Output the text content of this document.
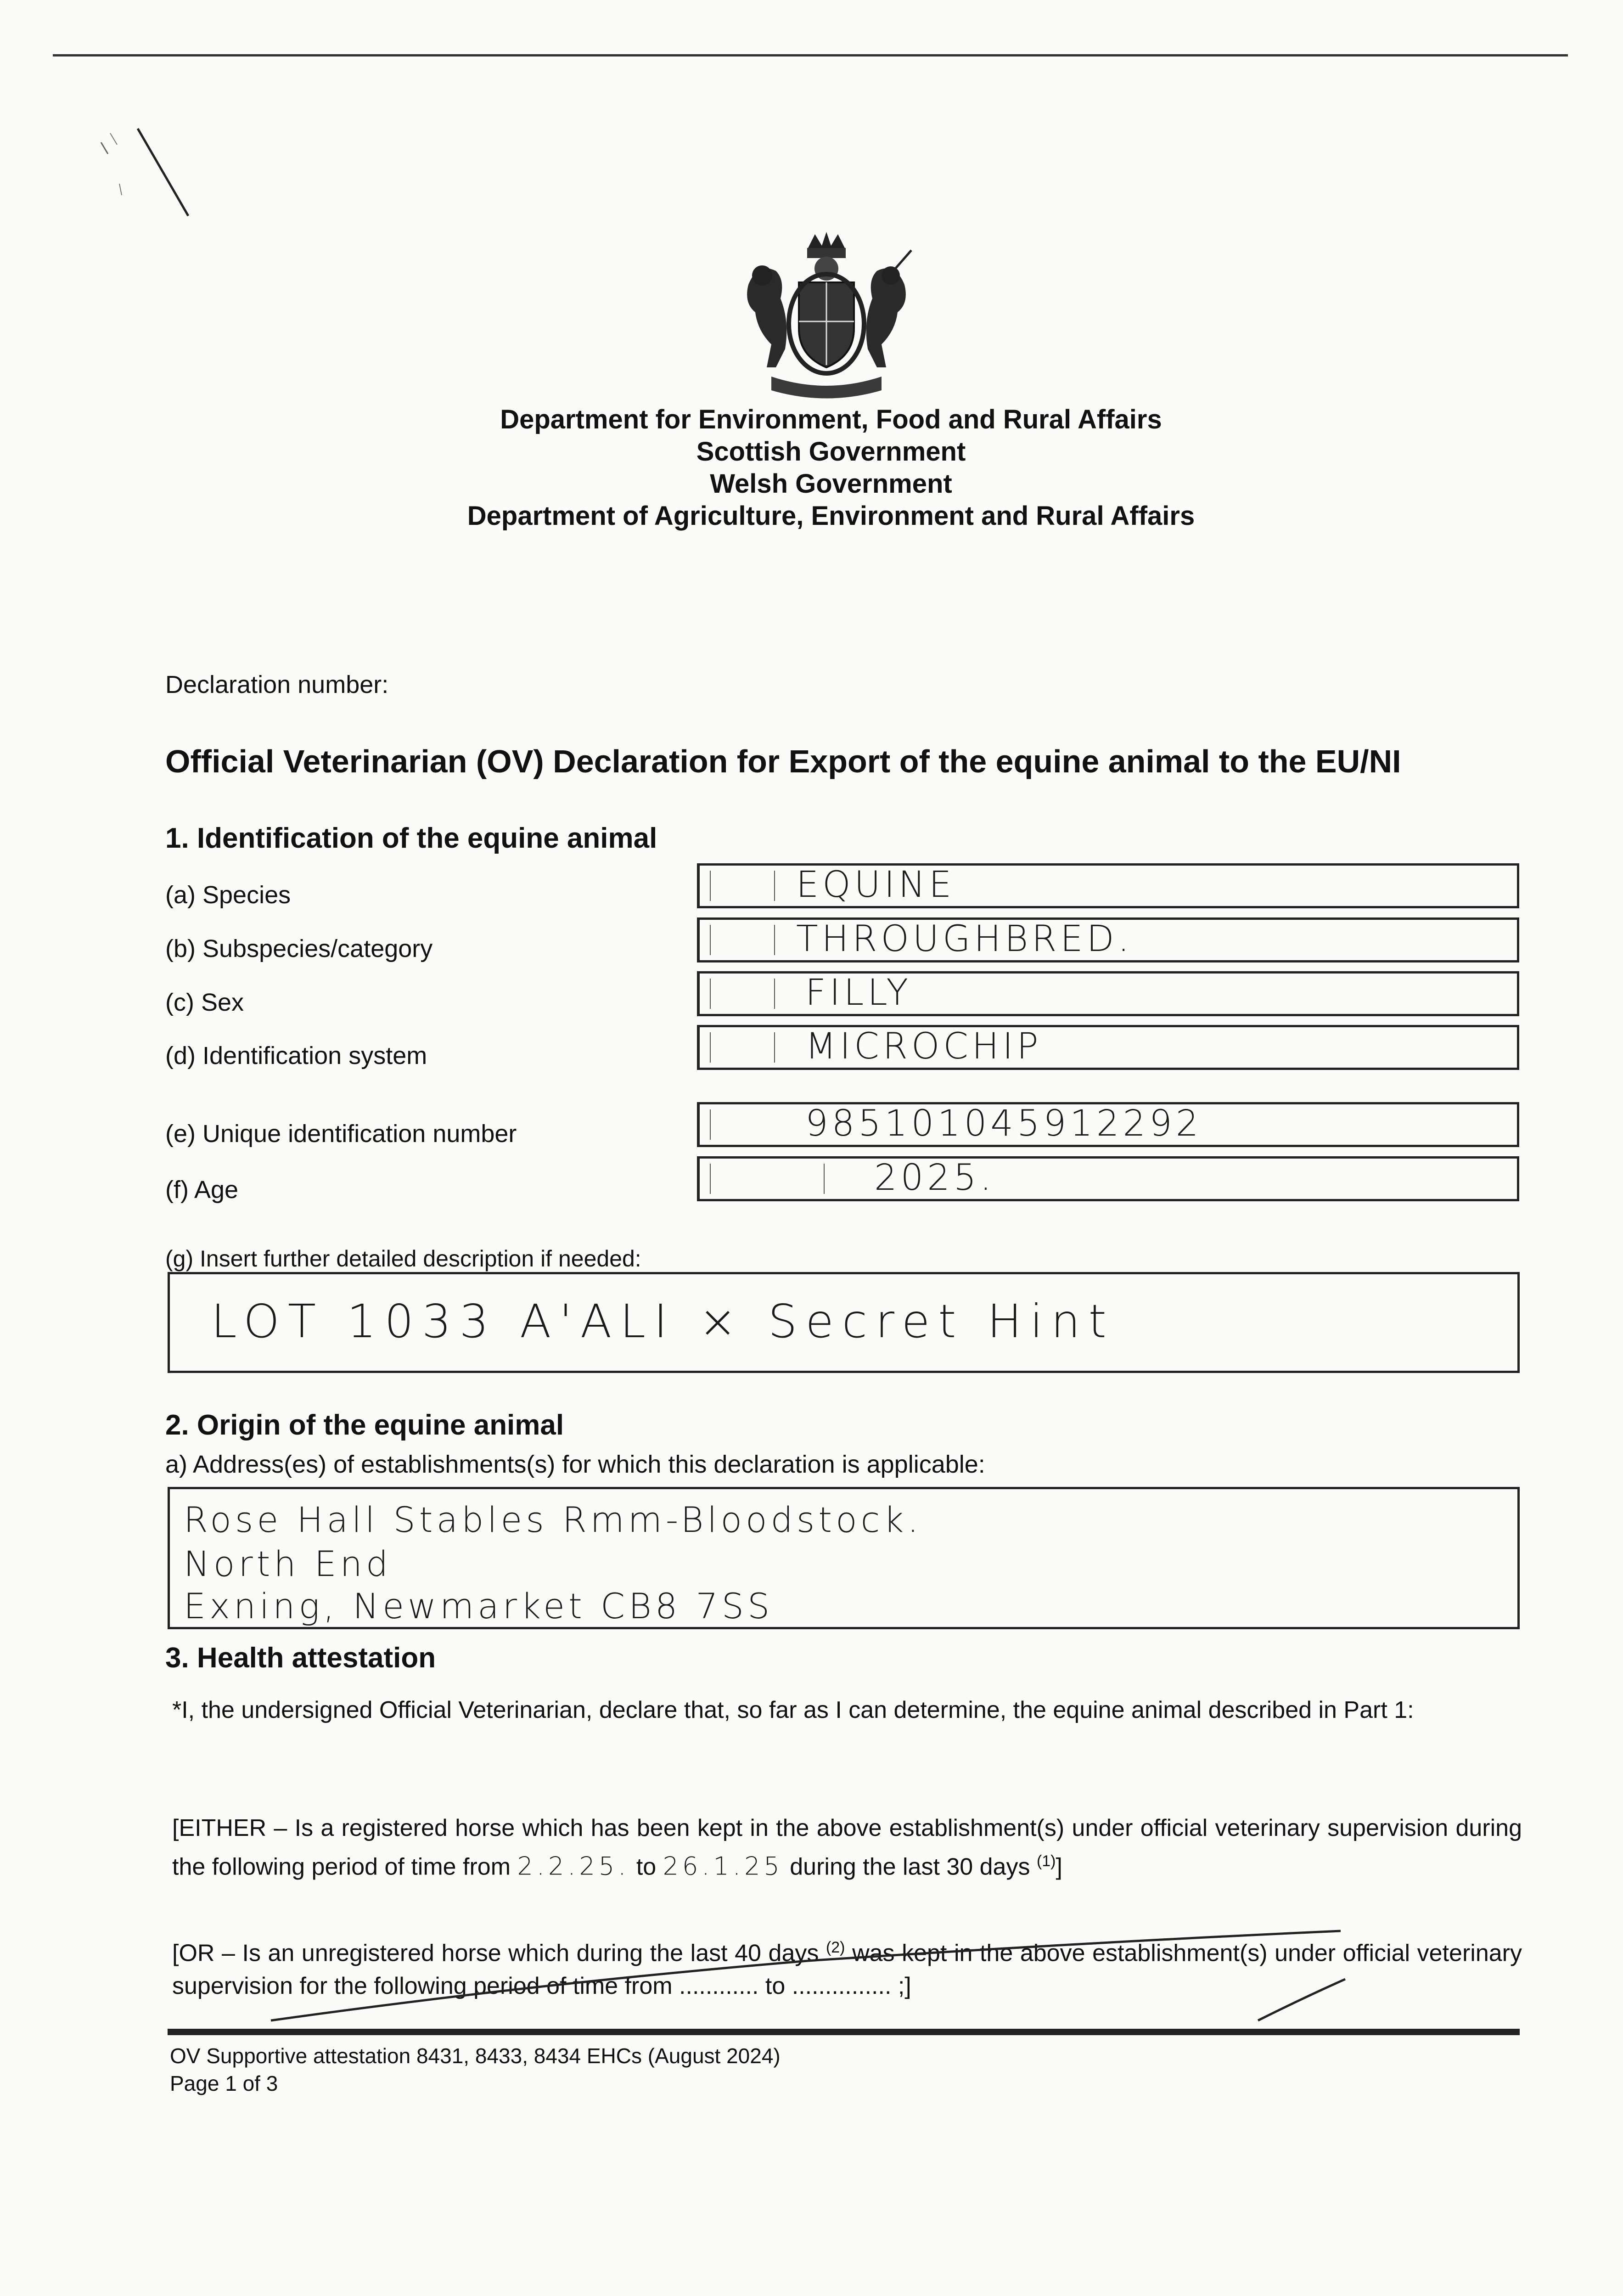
Department for Environment, Food and Rural Affairs
Scottish Government
Welsh Government
Department of Agriculture, Environment and Rural Affairs
Declaration number:
Official Veterinarian (OV) Declaration for Export of the equine animal to the EU/NI
1. Identification of the equine animal
(a) Species	EQUINE
(b) Subspecies/category	THROUGHBRED.
(c) Sex	FILLY
(d) Identification system	MICROCHIP
(e) Unique identification number	985101045912292
(f) Age	2025.
(g) Insert further detailed description if needed:
LOT 1033 A'ALI × Secret Hint
2. Origin of the equine animal
a) Address(es) of establishments(s) for which this declaration is applicable:
Rose Hall Stables Rmm-Bloodstock.
North End
Exning, Newmarket CB8 7SS
3. Health attestation
*I, the undersigned Official Veterinarian, declare that, so far as I can determine, the equine animal described in Part 1:
[EITHER – Is a registered horse which has been kept in the above establishment(s) under official veterinary supervision during the following period of time from 2.2.25. to 26.1.25 during the last 30 days $^{(1)}$]
[OR – Is an unregistered horse which during the last 40 days $^{(2)}$ was kept in the above establishment(s) under official veterinary supervision for the following period of time from ............ to ............... ;]
OV Supportive attestation 8431, 8433, 8434 EHCs (August 2024)
Page 1 of 3
